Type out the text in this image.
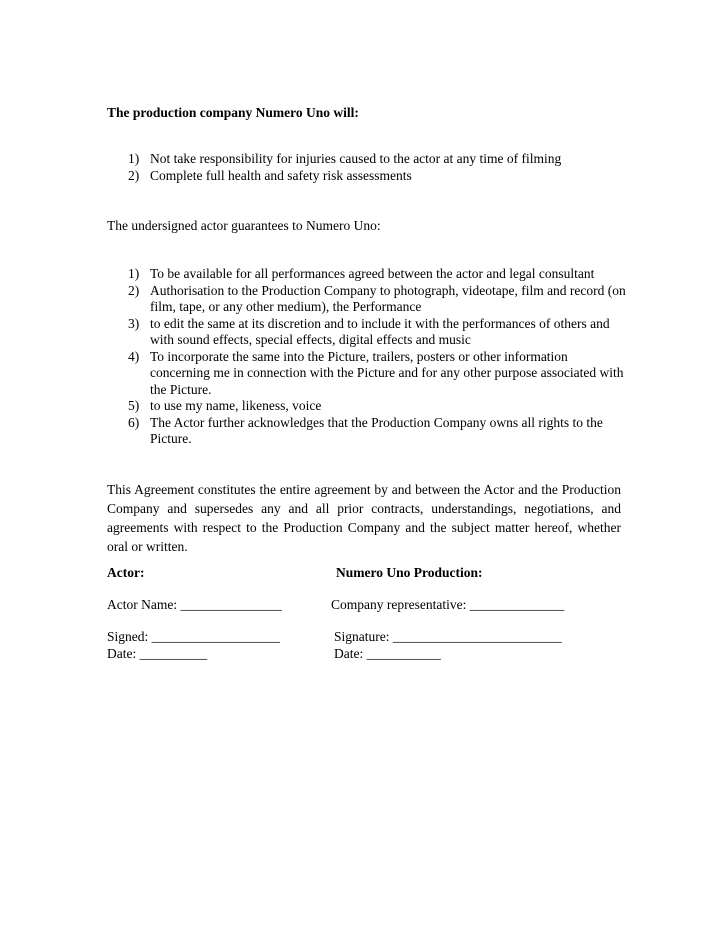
The production company Numero Uno will:
1) Not take responsibility for injuries caused to the actor at any time of filming
2) Complete full health and safety risk assessments
The undersigned actor guarantees to Numero Uno:
1) To be available for all performances agreed between the actor and legal consultant
2) Authorisation to the Production Company to photograph, videotape, film and record (on film, tape, or any other medium), the Performance
3) to edit the same at its discretion and to include it with the performances of others and with sound effects, special effects, digital effects and music
4) To incorporate the same into the Picture, trailers, posters or other information concerning me in connection with the Picture and for any other purpose associated with the Picture.
5) to use my name, likeness, voice
6) The Actor further acknowledges that the Production Company owns all rights to the Picture.

This Agreement constitutes the entire agreement by and between the Actor and the Production Company and supersedes any and all prior contracts, understandings, negotiations, and agreements with respect to the Production Company and the subject matter hereof, whether oral or written.

Actor:	Numero Uno Production:
Actor Name: _______________	Company representative: ______________
Signed: ___________________	Signature: _________________________
Date: __________	Date: ___________
